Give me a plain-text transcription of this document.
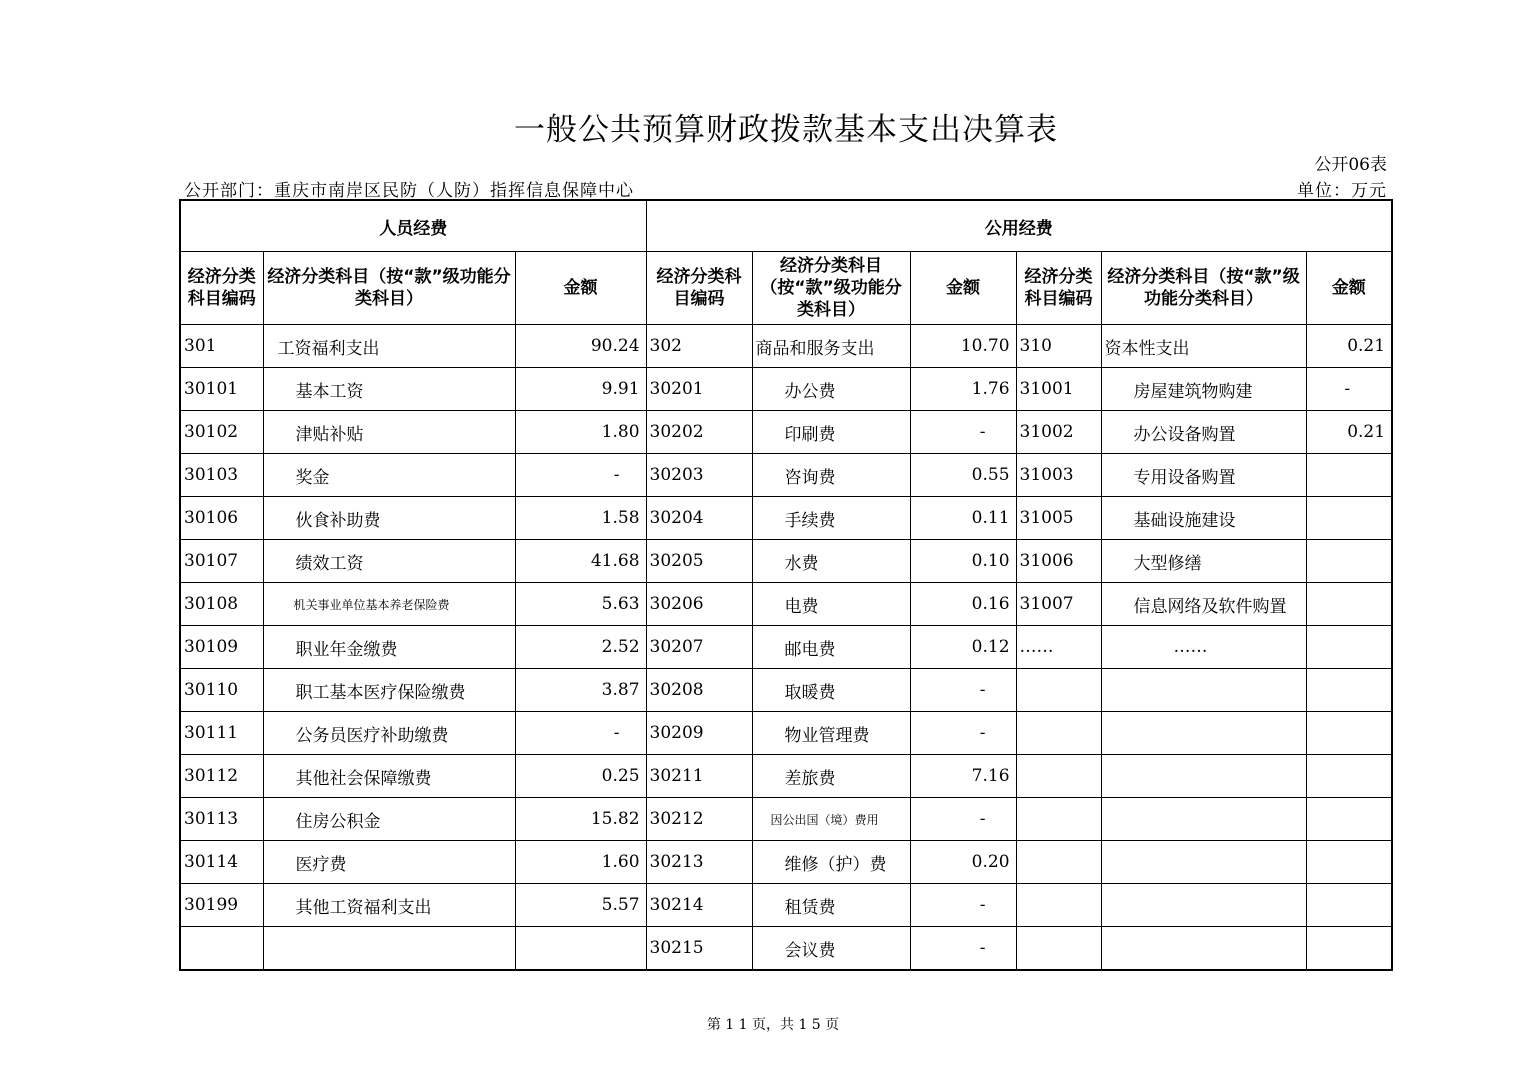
一般公共预算财政拨款基本支出决算表
公开06表
公开部门：重庆市南岸区民防（人防）指挥信息保障中心	单位：万元
人员经费			公用经费					
经济分类科目编码	经济分类科目（按“款”级功能分类科目）	金额	经济分类科目编码	经济分类科目（按“款”级功能分类科目）	金额	经济分类科目编码	经济分类科目（按“款”级功能分类科目）	金额
301	工资福利支出	90.24	302	商品和服务支出	10.70	310	资本性支出	0.21
30101	基本工资	9.91	30201	办公费	1.76	31001	房屋建筑物购建	-
30102	津贴补贴	1.80	30202	印刷费	-	31002	办公设备购置	0.21
30103	奖金	-	30203	咨询费	0.55	31003	专用设备购置	
30106	伙食补助费	1.58	30204	手续费	0.11	31005	基础设施建设	
30107	绩效工资	41.68	30205	水费	0.10	31006	大型修缮	
30108	机关事业单位基本养老保险费	5.63	30206	电费	0.16	31007	信息网络及软件购置	
30109	职业年金缴费	2.52	30207	邮电费	0.12	……	……	
30110	职工基本医疗保险缴费	3.87	30208	取暖费	-			
30111	公务员医疗补助缴费	-	30209	物业管理费	-			
30112	其他社会保障缴费	0.25	30211	差旅费	7.16			
30113	住房公积金	15.82	30212	因公出国（境）费用	-			
30114	医疗费	1.60	30213	维修（护）费	0.20			
30199	其他工资福利支出	5.57	30214	租赁费	-			
			30215	会议费	-			
第 1 1 页，共 1 5 页
